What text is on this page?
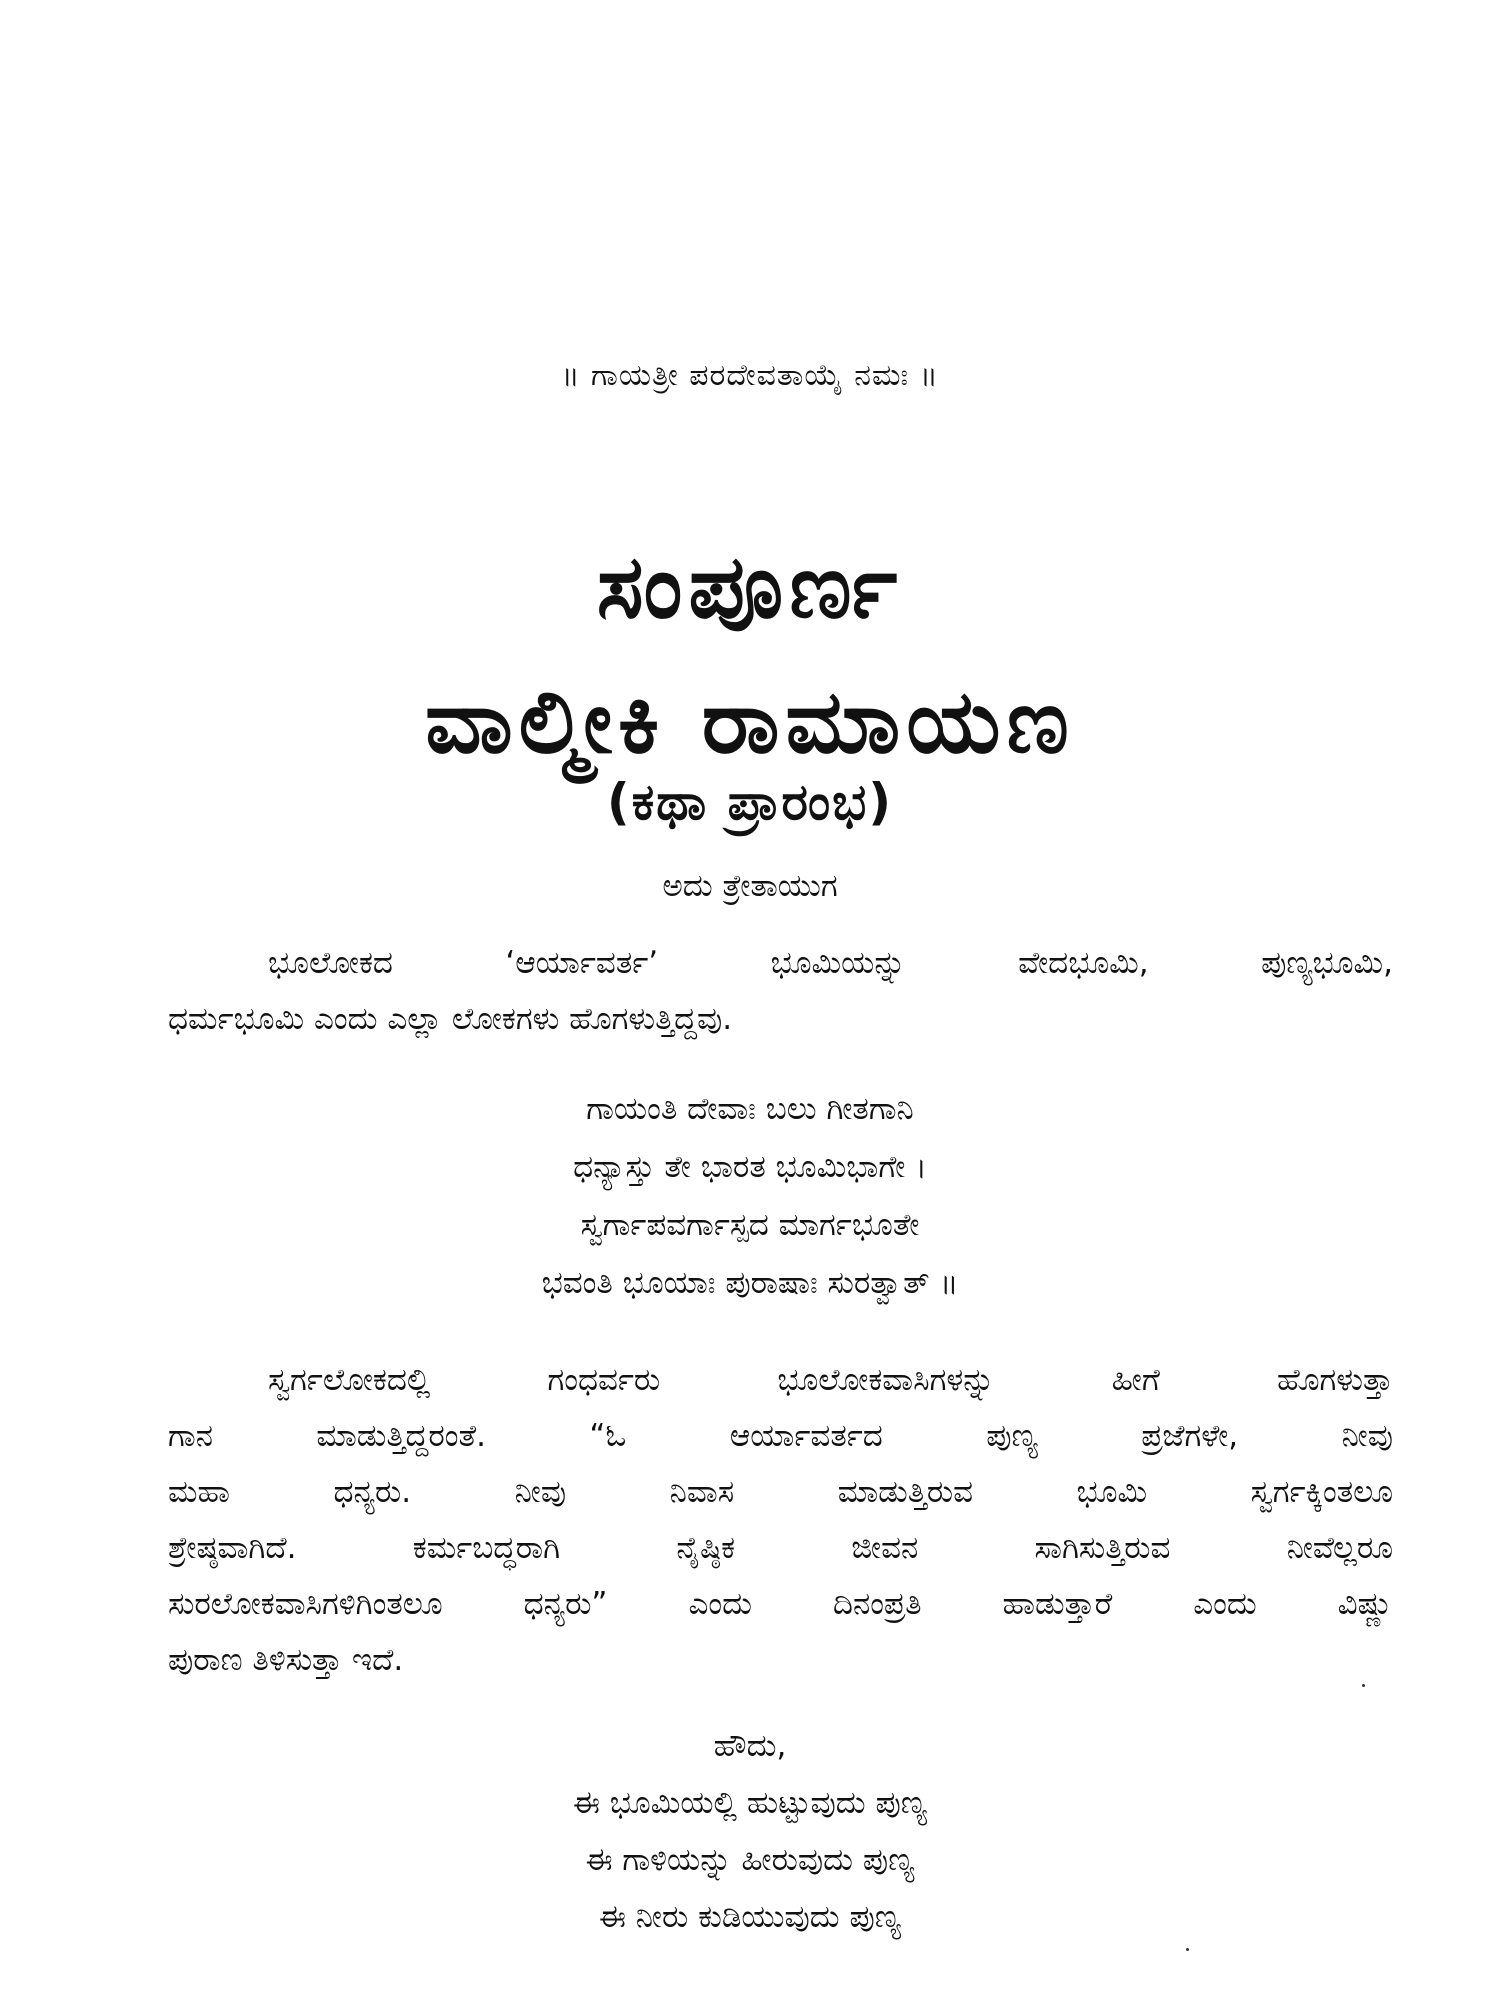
॥ ಗಾಯತ್ರೀ ಪರದೇವತಾಯೈ ನಮಃ ॥
ಸಂಪೂರ್ಣ
ವಾಲ್ಮೀಕಿ ರಾಮಾಯಣ
(ಕಥಾ ಪ್ರಾರಂಭ)
ಅದು ತ್ರೇತಾಯುಗ
ಭೂಲೋಕದ ‘ಆರ್ಯಾವರ್ತ’ ಭೂಮಿಯನ್ನು ವೇದಭೂಮಿ, ಪುಣ್ಯಭೂಮಿ,
ಧರ್ಮಭೂಮಿ ಎಂದು ಎಲ್ಲಾ ಲೋಕಗಳು ಹೊಗಳುತ್ತಿದ್ದವು.
ಗಾಯಂತಿ ದೇವಾಃ ಬಲು ಗೀತಗಾನಿ
ಧನ್ಯಾಸ್ತು ತೇ ಭಾರತ ಭೂಮಿಭಾಗೇ ।
ಸ್ವರ್ಗಾಪವರ್ಗಾಸ್ಪದ ಮಾರ್ಗಭೂತೇ
ಭವಂತಿ ಭೂಯಾಃ ಪುರಾಷಾಃ ಸುರತ್ವಾತ್ ॥
ಸ್ವರ್ಗಲೋಕದಲ್ಲಿ ಗಂಧರ್ವರು ಭೂಲೋಕವಾಸಿಗಳನ್ನು ಹೀಗೆ ಹೊಗಳುತ್ತಾ
ಗಾನ ಮಾಡುತ್ತಿದ್ದರಂತೆ. “ಓ ಆರ್ಯಾವರ್ತದ ಪುಣ್ಯ ಪ್ರಜೆಗಳೇ, ನೀವು
ಮಹಾ ಧನ್ಯರು. ನೀವು ನಿವಾಸ ಮಾಡುತ್ತಿರುವ ಭೂಮಿ ಸ್ವರ್ಗಕ್ಕಿಂತಲೂ
ಶ್ರೇಷ್ಠವಾಗಿದೆ. ಕರ್ಮಬದ್ಧರಾಗಿ ನೈಷ್ಠಿಕ ಜೀವನ ಸಾಗಿಸುತ್ತಿರುವ ನೀವೆಲ್ಲರೂ
ಸುರಲೋಕವಾಸಿಗಳಿಗಿಂತಲೂ ಧನ್ಯರು” ಎಂದು ದಿನಂಪ್ರತಿ ಹಾಡುತ್ತಾರೆ ಎಂದು ವಿಷ್ಣು
ಪುರಾಣ ತಿಳಿಸುತ್ತಾ ಇದೆ.
ಹೌದು,
ಈ ಭೂಮಿಯಲ್ಲಿ ಹುಟ್ಟುವುದು ಪುಣ್ಯ
ಈ ಗಾಳಿಯನ್ನು ಹೀರುವುದು ಪುಣ್ಯ
ಈ ನೀರು ಕುಡಿಯುವುದು ಪುಣ್ಯ
